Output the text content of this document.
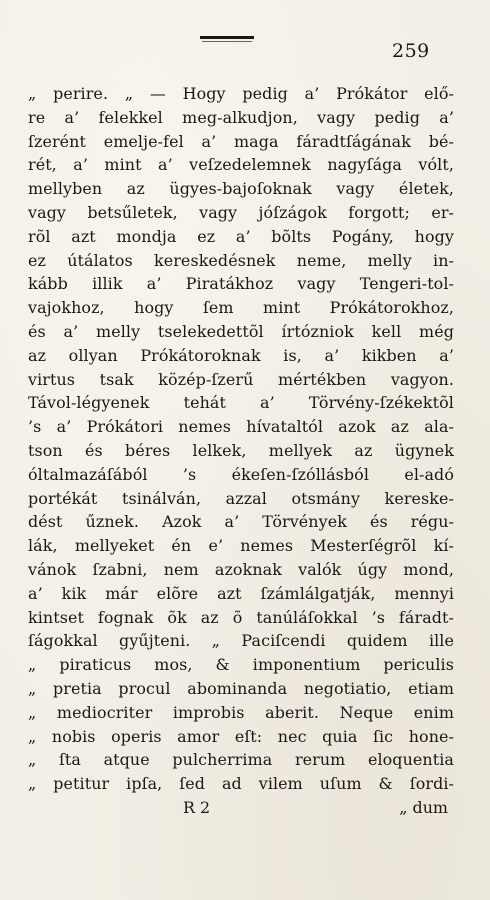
259
„ perire. „ — Hogy pedig a’ Prókátor elő-
re a’ felekkel meg-alkudjon, vagy pedig a’
ſzerént emelje-fel a’ maga fáradtſágának bé-
rét, a’ mint a’ veſzedelemnek nagyſága vólt,
mellyben az ügyes-bajoſoknak vagy életek,
vagy betsűletek, vagy jóſzágok forgott; er-
rõl azt mondja ez a’ bõlts Pogány, hogy
ez útálatos kereskedésnek neme, melly in-
kább illik a’ Piratákhoz vagy Tengeri-tol-
vajokhoz, hogy ſem mint Prókátorokhoz,
és a’ melly tselekedettõl írtózniok kell még
az ollyan Prókátoroknak is, a’ kikben a’
virtus tsak közép-ſzerű mértékben vagyon.
Távol-légyenek tehát a’ Törvény-ſzékektõl
’s a’ Prókátori nemes hívataltól azok az ala-
tson és béres lelkek, mellyek az ügynek
óltalmazáſából ’s ékeſen-ſzóllásból el-adó
portékát tsinálván, azzal otsmány kereske-
dést űznek. Azok a’ Törvények és régu-
lák, mellyeket én e’ nemes Mesterſégrõl kí-
vánok ſzabni, nem azoknak valók úgy mond,
a’ kik már elõre azt ſzámlálgatják, mennyi
kintset fognak õk az õ tanúláſokkal ’s fáradt-
ſágokkal gyűjteni. „ Paciſcendi quidem ille
„ piraticus mos, & imponentium periculis
„ pretia procul abominanda negotiatio, etiam
„ mediocriter improbis aberit. Neque enim
„ nobis operis amor eſt: nec quia ſic hone-
„ ſta atque pulcherrima rerum eloquentia
„ petitur ipſa, ſed ad vilem uſum & ſordi-
R 2	„ dum
